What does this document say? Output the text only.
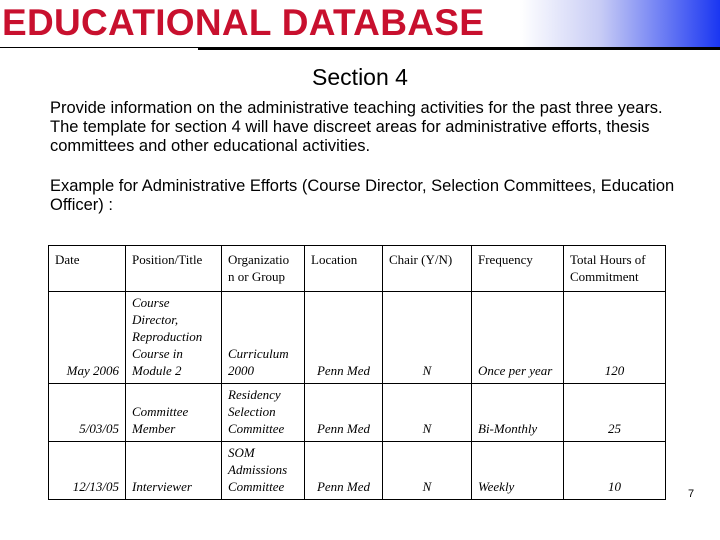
EDUCATIONAL DATABASE
Section 4
Provide information on the administrative teaching activities for the past three years. The template for section 4 will have discreet areas for administrative efforts, thesis committees and other educational activities.
Example for Administrative Efforts (Course Director, Selection Committees, Education Officer) :
Date	Position/Title	Organizatio n or Group	Location	Chair (Y/N)	Frequency	Total Hours of Commitment
May 2006	Course Director, Reproduction Course in Module 2	Curriculum 2000	Penn Med	N	Once per year	120
5/03/05	Committee Member	Residency Selection Committee	Penn Med	N	Bi-Monthly	25
12/13/05	Interviewer	SOM Admissions Committee	Penn Med	N	Weekly	10	7
